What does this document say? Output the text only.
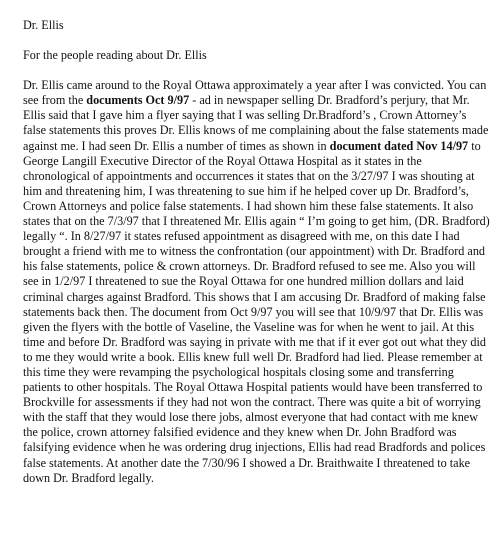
Dr. Ellis

For the people reading about Dr. Ellis

Dr. Ellis came around to the Royal Ottawa approximately a year after I was convicted. You can see from the documents Oct 9/97 - ad in newspaper selling Dr. Bradford’s perjury, that Mr. Ellis said that I gave him a flyer saying that I was selling Dr.Bradford’s , Crown Attorney’s false statements this proves Dr. Ellis knows of me complaining about the false statements made against me. I had seen Dr. Ellis a number of times as shown in document dated Nov 14/97 to George Langill Executive Director of the Royal Ottawa Hospital as it states in the chronological of appointments and occurrences it states that on the 3/27/97 I was shouting at him and threatening him, I was threatening to sue him if he helped cover up Dr. Bradford’s, Crown Attorneys and police false statements. I had shown him these false statements. It also states that on the 7/3/97 that I threatened Mr. Ellis again “ I’m going to get him, (DR. Bradford) legally “. In 8/27/97 it states refused appointment as disagreed with me, on this date I had brought a friend with me to witness the confrontation (our appointment) with Dr. Bradford and his false statements, police & crown attorneys. Dr. Bradford refused to see me. Also you will see in 1/2/97 I threatened to sue the Royal Ottawa for one hundred million dollars and laid criminal charges against Bradford. This shows that I am accusing Dr. Bradford of making false statements back then. The document from Oct 9/97 you will see that 10/9/97 that Dr. Ellis was given the flyers with the bottle of Vaseline, the Vaseline was for when he went to jail. At this time and before Dr. Bradford was saying in private with me that if it ever got out what they did to me they would write a book. Ellis knew full well Dr. Bradford had lied. Please remember at this time they were revamping the psychological hospitals closing some and transferring patients to other hospitals. The Royal Ottawa Hospital patients would have been transferred to Brockville for assessments if they had not won the contract. There was quite a bit of worrying with the staff that they would lose there jobs, almost everyone that had contact with me knew the police, crown attorney falsified evidence and they knew when Dr. John Bradford was falsifying evidence when he was ordering drug injections, Ellis had read Bradfords and polices false statements. At another date the 7/30/96 I showed a Dr. Braithwaite I threatened to take down Dr. Bradford legally.
